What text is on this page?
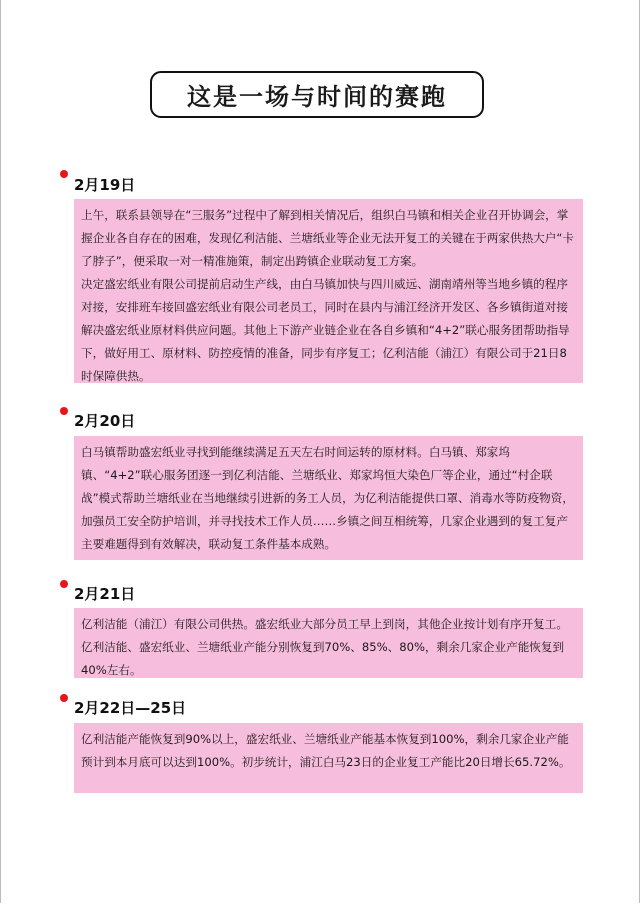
这是一场与时间的赛跑
2月19日

上午，联系县领导在“三服务”过程中了解到相关情况后，组织白马镇和相关企业召开协调会，掌握企业各自存在的困难，发现亿利洁能、兰塘纸业等企业无法开复工的关键在于两家供热大户“卡了脖子”，便采取一对一精准施策，制定出跨镇企业联动复工方案。

决定盛宏纸业有限公司提前启动生产线，由白马镇加快与四川威远、湖南靖州等当地乡镇的程序对接，安排班车接回盛宏纸业有限公司老员工，同时在县内与浦江经济开发区、各乡镇街道对接解决盛宏纸业原材料供应问题。其他上下游产业链企业在各自乡镇和“4+2”联心服务团帮助指导下，做好用工、原材料、防控疫情的准备，同步有序复工；亿利洁能（浦江）有限公司于21日8时保障供热。

2月20日

白马镇帮助盛宏纸业寻找到能继续满足五天左右时间运转的原材料。白马镇、郑家坞镇、“4+2”联心服务团逐一到亿利洁能、兰塘纸业、郑家坞恒大染色厂等企业，通过“村企联战”模式帮助兰塘纸业在当地继续引进新的务工人员，为亿利洁能提供口罩、消毒水等防疫物资，加强员工安全防护培训，并寻找技术工作人员……乡镇之间互相统筹，几家企业遇到的复工复产主要难题得到有效解决，联动复工条件基本成熟。

2月21日

亿利洁能（浦江）有限公司供热。盛宏纸业大部分员工早上到岗，其他企业按计划有序开复工。亿利洁能、盛宏纸业、兰塘纸业产能分别恢复到70%、85%、80%，剩余几家企业产能恢复到40%左右。

2月22日—25日

亿利洁能产能恢复到90%以上，盛宏纸业、兰塘纸业产能基本恢复到100%，剩余几家企业产能预计到本月底可以达到100%。初步统计，浦江白马23日的企业复工产能比20日增长65.72%。
